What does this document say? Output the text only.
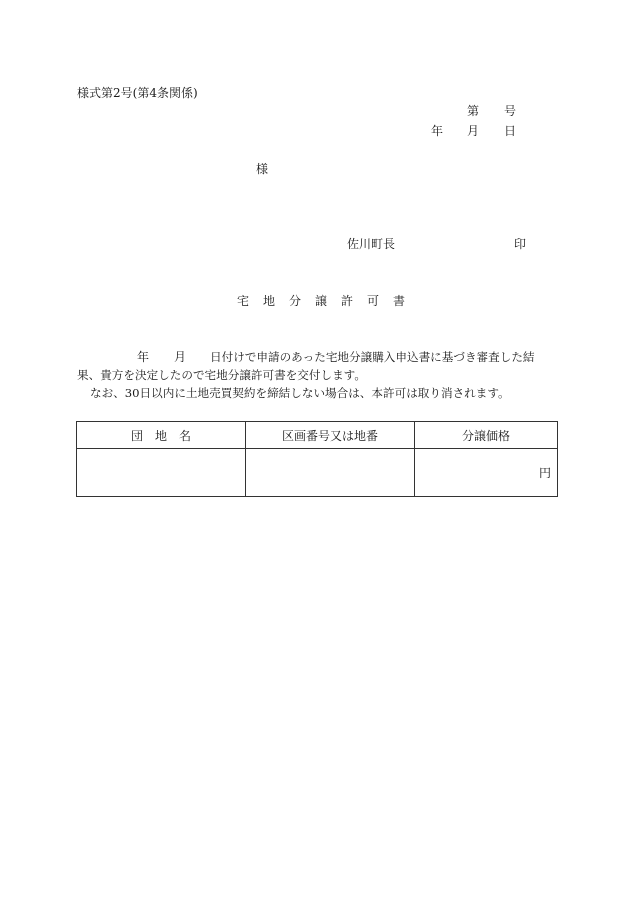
様式第2号(第4条関係)
第 号
年 月 日
様
佐川町長	印
宅 地 分 譲 許 可 書
年 月 日付けで申請のあった宅地分譲購入申込書に基づき審査した結
果、貴方を決定したので宅地分譲許可書を交付します。
なお、30日以内に土地売買契約を締結しない場合は、本許可は取り消されます。
団　地　名	区画番号又は地番	分譲価格
		円
